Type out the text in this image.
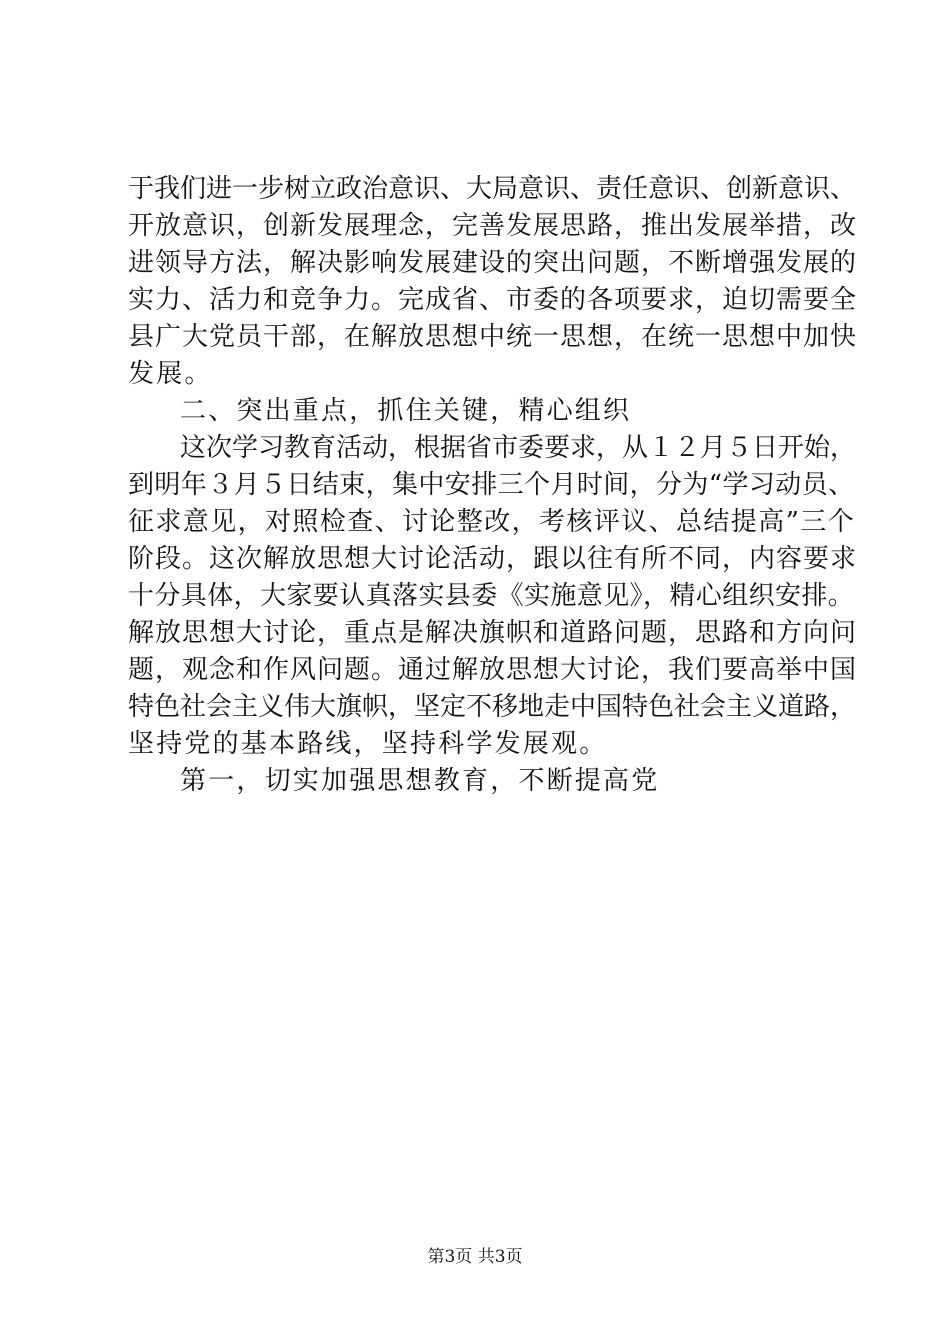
于我们进一步树立政治意识、大局意识、责任意识、创新意识、
开放意识，创新发展理念，完善发展思路，推出发展举措，改
进领导方法，解决影响发展建设的突出问题，不断增强发展的
实力、活力和竞争力。完成省、市委的各项要求，迫切需要全
县广大党员干部，在解放思想中统一思想，在统一思想中加快
发展。
二、突出重点，抓住关键，精心组织
这次学习教育活动，根据省市委要求，从１２月５日开始，
到明年３月５日结束，集中安排三个月时间，分为“学习动员、
征求意见，对照检查、讨论整改，考核评议、总结提高”三个
阶段。这次解放思想大讨论活动，跟以往有所不同，内容要求
十分具体，大家要认真落实县委《实施意见》，精心组织安排。
解放思想大讨论，重点是解决旗帜和道路问题，思路和方向问
题，观念和作风问题。通过解放思想大讨论，我们要高举中国
特色社会主义伟大旗帜，坚定不移地走中国特色社会主义道路，
坚持党的基本路线，坚持科学发展观。
第一，切实加强思想教育，不断提高党
第3页 共3页
